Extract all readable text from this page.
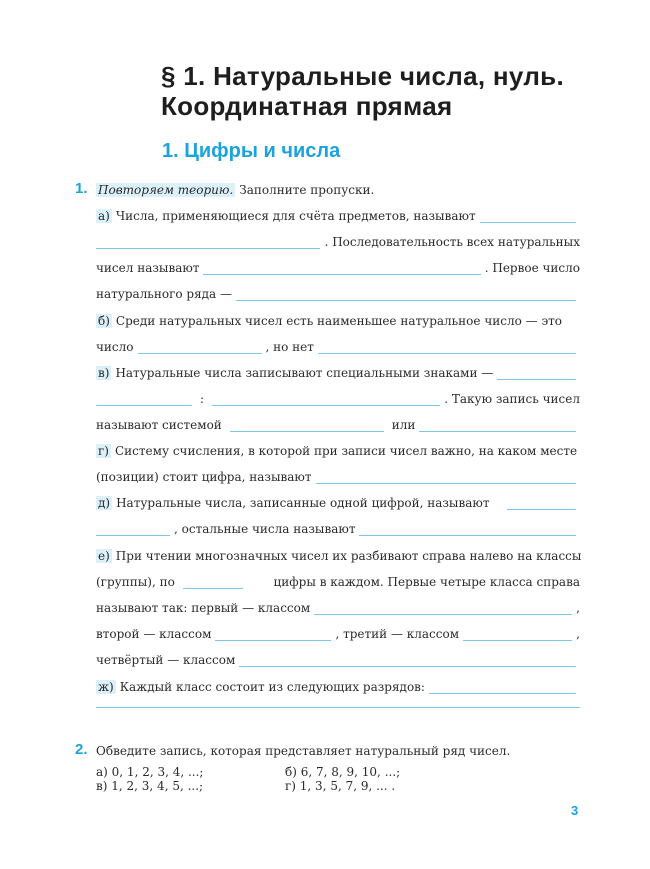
§ 1. Натуральные числа, нуль.
Координатная прямая
1. Цифры и числа
1. Повторяем теорию. Заполните пропуски.
а) Числа, применяющиеся для счёта предметов, называют
. Последовательность всех натуральных
чисел называют	. Первое число
натурального ряда —
б) Среди натуральных чисел есть наименьшее натуральное число — это
число	, но нет
в) Натуральные числа записывают специальными знаками —
:	. Такую запись чисел
называют системой	или
г) Систему счисления, в которой при записи чисел важно, на каком месте
(позиции) стоит цифра, называют
д) Натуральные числа, записанные одной цифрой, называют
, остальные числа называют
е) При чтении многозначных чисел их разбивают справа налево на классы
(группы), по	цифры в каждом. Первые четыре класса справа
называют так: первый — классом	,
второй — классом	, третий — классом	,
четвёртый — классом
ж) Каждый класс состоит из следующих разрядов:
2. Обведите запись, которая представляет натуральный ряд чисел.
а) 0, 1, 2, 3, 4, ...;	б) 6, 7, 8, 9, 10, ...;
в) 1, 2, 3, 4, 5, ...;	г) 1, 3, 5, 7, 9, ... .
3
